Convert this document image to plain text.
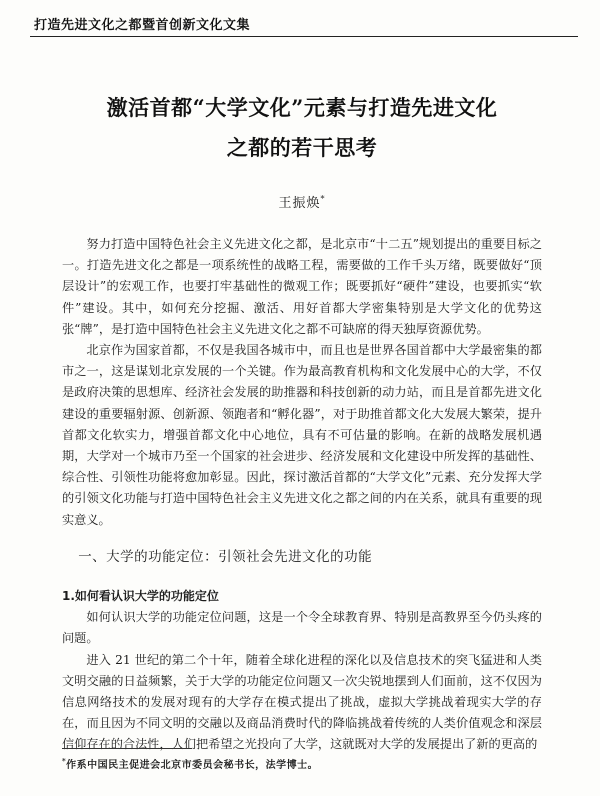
打造先进文化之都暨首创新文化文集
激活首都“大学文化”元素与打造先进文化
之都的若干思考
王振焕*

努力打造中国特色社会主义先进文化之都，是北京市“十二五”规划提出的重要目标之一。打造先进文化之都是一项系统性的战略工程，需要做的工作千头万绪，既要做好“顶层设计”的宏观工作，也要打牢基础性的微观工作；既要抓好“硬件”建设，也要抓实“软件”建设。其中，如何充分挖掘、激活、用好首都大学密集特别是大学文化的优势这张“牌”，是打造中国特色社会主义先进文化之都不可缺席的得天独厚资源优势。

北京作为国家首都，不仅是我国各城市中，而且也是世界各国首都中大学最密集的都市之一，这是谋划北京发展的一个关键。作为最高教育机构和文化发展中心的大学，不仅是政府决策的思想库、经济社会发展的助推器和科技创新的动力站，而且是首都先进文化建设的重要辐射源、创新源、领跑者和“孵化器”，对于助推首都文化大发展大繁荣，提升首都文化软实力，增强首都文化中心地位，具有不可估量的影响。在新的战略发展机遇期，大学对一个城市乃至一个国家的社会进步、经济发展和文化建设中所发挥的基础性、综合性、引领性功能将愈加彰显。因此，探讨激活首都的“大学文化”元素、充分发挥大学的引领文化功能与打造中国特色社会主义先进文化之都之间的内在关系，就具有重要的现实意义。

一、大学的功能定位：引领社会先进文化的功能

1.如何看认识大学的功能定位

如何认识大学的功能定位问题，这是一个令全球教育界、特别是高教界至今仍头疼的问题。

进入 21 世纪的第二个十年，随着全球化进程的深化以及信息技术的突飞猛进和人类文明交融的日益频繁，关于大学的功能定位问题又一次尖锐地摆到人们面前，这不仅因为信息网络技术的发展对现有的大学存在模式提出了挑战，虚拟大学挑战着现实大学的存在，而且因为不同文明的交融以及商品消费时代的降临挑战着传统的人类价值观念和深层信仰存在的合法性，人们把希望之光投向了大学，这就既对大学的发展提出了新的更高的

*作系中国民主促进会北京市委员会秘书长，法学博士。
